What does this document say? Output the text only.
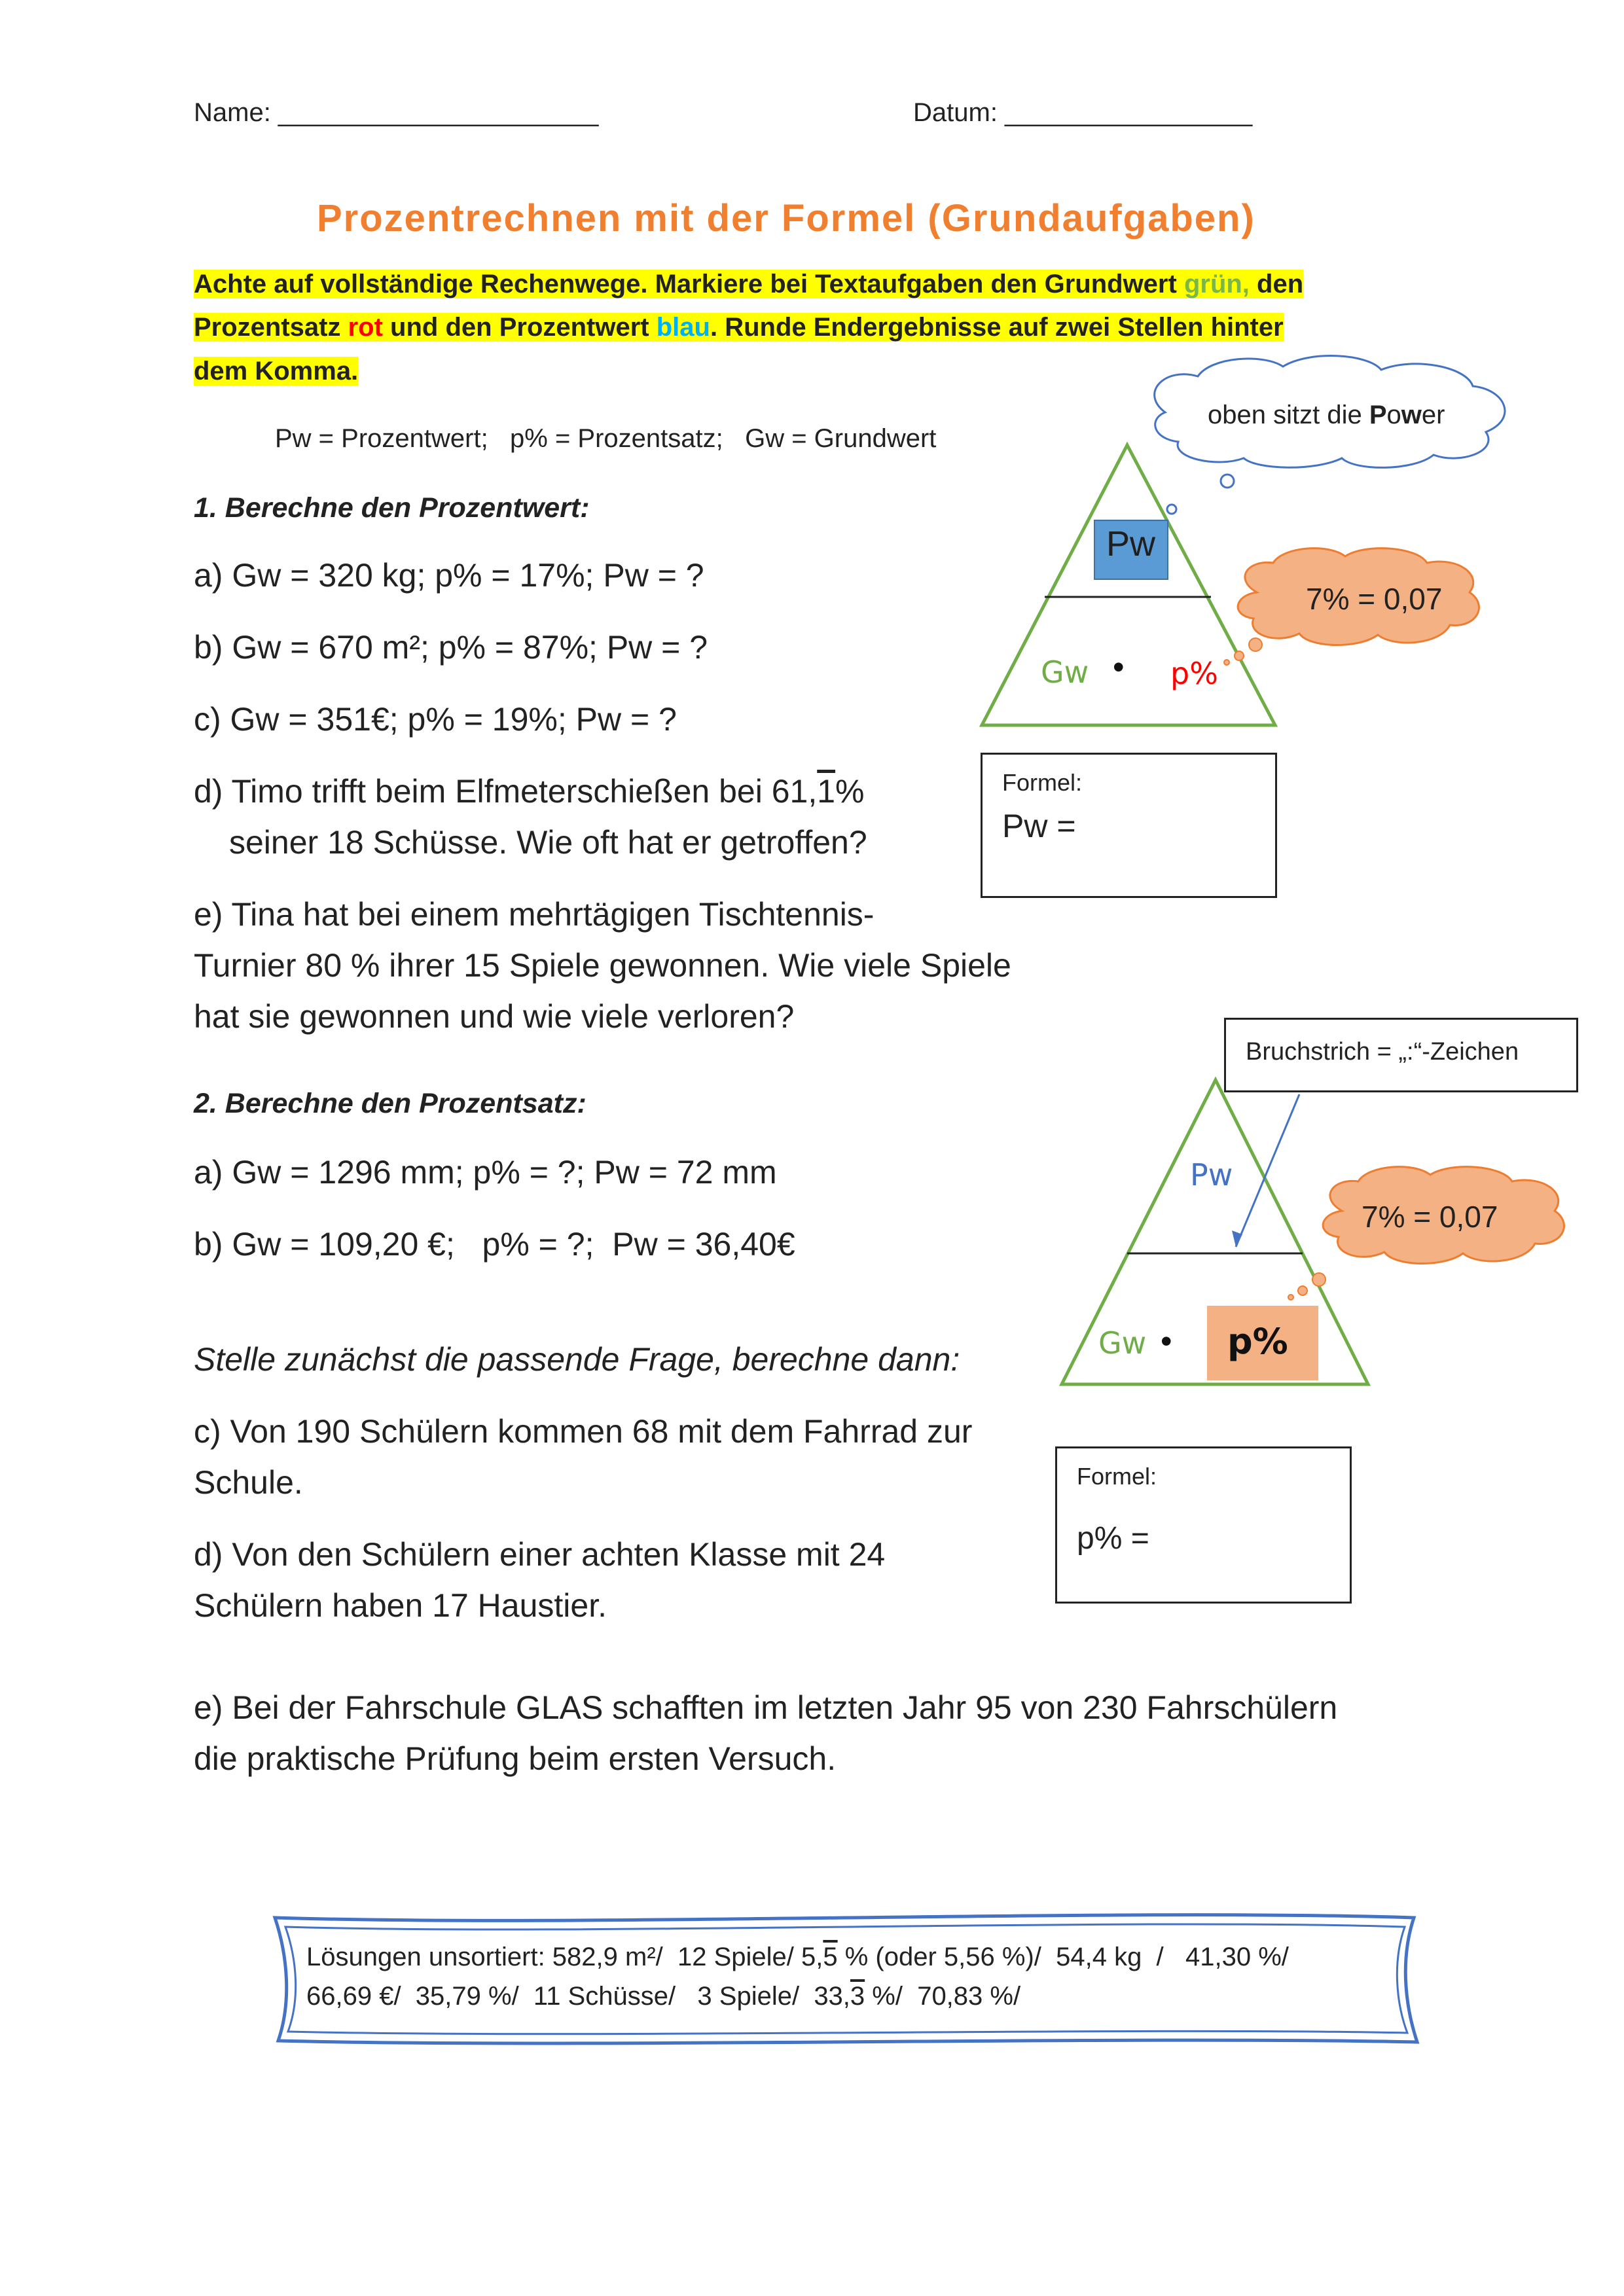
Name: ______________________	Datum: _________________
Prozentrechnen mit der Formel (Grundaufgaben)
Achte auf vollständige Rechenwege. Markiere bei Textaufgaben den Grundwert grün, den
Prozentsatz rot und den Prozentwert blau. Runde Endergebnisse auf zwei Stellen hinter
dem Komma.
Pw = Prozentwert;   p% = Prozentsatz;   Gw = Grundwert
1. Berechne den Prozentwert:
a) Gw = 320 kg; p% = 17%; Pw = ?
b) Gw = 670 m²; p% = 87%; Pw = ?
c) Gw = 351€; p% = 19%; Pw = ?
d) Timo trifft beim Elfmeterschießen bei 61,1%
seiner 18 Schüsse. Wie oft hat er getroffen?
e) Tina hat bei einem mehrtägigen Tischtennis-
Turnier 80 % ihrer 15 Spiele gewonnen. Wie viele Spiele
hat sie gewonnen und wie viele verloren?
Pw
Gw • p%
oben sitzt die Power
7% = 0,07
Formel:
Pw =
2. Berechne den Prozentsatz:
a) Gw = 1296 mm; p% = ?; Pw = 72 mm
b) Gw = 109,20 €;   p% = ?;  Pw = 36,40€
Stelle zunächst die passende Frage, berechne dann:
c) Von 190 Schülern kommen 68 mit dem Fahrrad zur
Schule.
d) Von den Schülern einer achten Klasse mit 24
Schülern haben 17 Haustier.
e) Bei der Fahrschule GLAS schafften im letzten Jahr 95 von 230 Fahrschülern
die praktische Prüfung beim ersten Versuch.
Pw
Gw • p%
Bruchstrich = „:“-Zeichen
7% = 0,07
Formel:
p% =
Lösungen unsortiert: 582,9 m²/  12 Spiele/ 5,5 % (oder 5,56 %)/  54,4 kg  /   41,30 %/
66,69 €/  35,79 %/  11 Schüsse/   3 Spiele/  33,3 %/  70,83 %/
